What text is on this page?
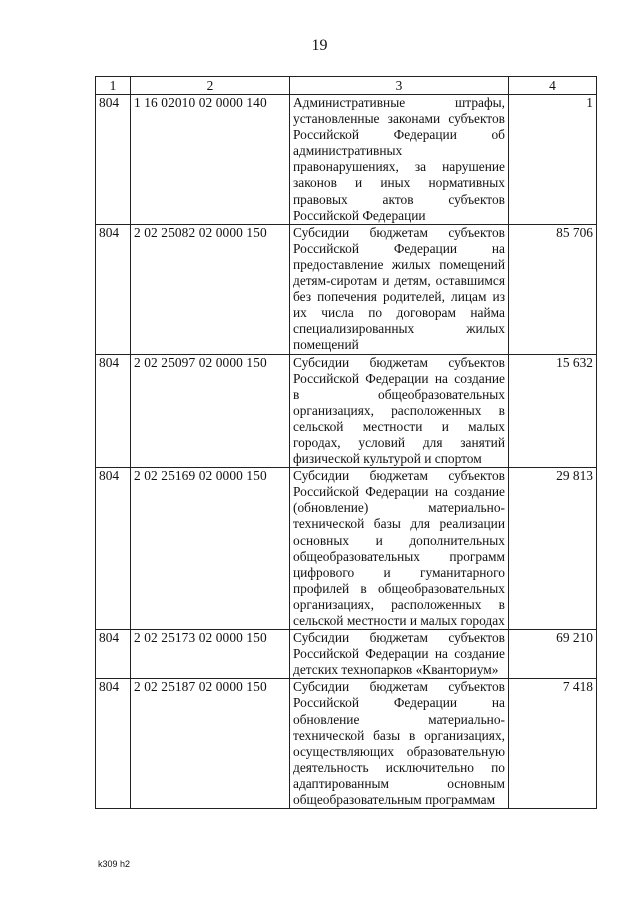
19
1	2	3	4
804	1 16 02010 02 0000 140	Административные штрафы, установленные законами субъектов Российской Федерации об административных правонарушениях, за нарушение законов и иных нормативных правовых актов субъектов Российской Федерации	1
804	2 02 25082 02 0000 150	Субсидии бюджетам субъектов Российской Федерации на предоставление жилых помещений детям-сиротам и детям, оставшимся без попечения родителей, лицам из их числа по договорам найма специализированных жилых помещений	85 706
804	2 02 25097 02 0000 150	Субсидии бюджетам субъектов Российской Федерации на создание в общеобразовательных организациях, расположенных в сельской местности и малых городах, условий для занятий физической культурой и спортом	15 632
804	2 02 25169 02 0000 150	Субсидии бюджетам субъектов Российской Федерации на создание (обновление) материально-технической базы для реализации основных и дополнительных общеобразовательных программ цифрового и гуманитарного профилей в общеобразовательных организациях, расположенных в сельской местности и малых городах	29 813
804	2 02 25173 02 0000 150	Субсидии бюджетам субъектов Российской Федерации на создание детских технопарков «Кванториум»	69 210
804	2 02 25187 02 0000 150	Субсидии бюджетам субъектов Российской Федерации на обновление материально-технической базы в организациях, осуществляющих образовательную деятельность исключительно по адаптированным основным общеобразовательным программам	7 418
k309 h2
